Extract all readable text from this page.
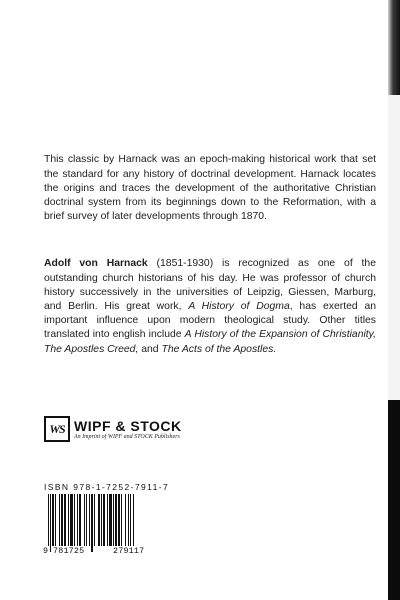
This classic by Harnack was an epoch-making historical work that set the standard for any history of doctrinal development. Harnack locates the origins and traces the development of the authoritative Christian doctrinal system from its beginnings down to the Reformation, with a brief survey of later developments through 1870.

Adolf von Harnack (1851-1930) is recognized as one of the outstanding church historians of his day. He was professor of church history successively in the universities of Leipzig, Giessen, Marburg, and Berlin. His great work, A History of Dogma, has exerted an important influence upon modern theological study. Other titles translated into english include A History of the Expansion of Christianity, The Apostles Creed, and The Acts of the Apostles.

WS WIPF & STOCK
An Imprint of WIPF and STOCK Publishers
ISBN 978-1-7252-7911-7
9 781725	279117
